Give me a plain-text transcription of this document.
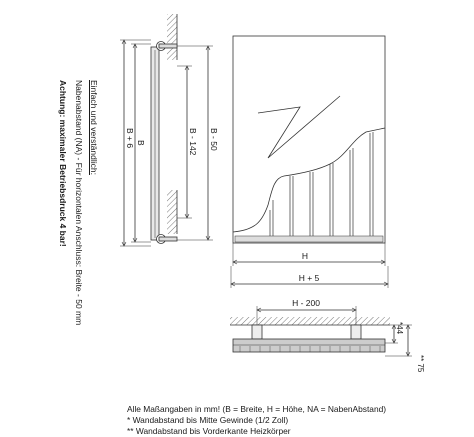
B
B + 6	B - 142 B - 50
H
H + 5
H - 200
*44
** 75
Achtung: maximaler Betriebsdruck 4 bar! Nabenabstand (NA) - Für horizontalen Anschluss: Breite - 50 mm Einfach und verständlich:
Alle Maßangaben in mm! (B = Breite, H = Höhe, NA = NabenAbstand)
* Wandabstand bis Mitte Gewinde (1/2 Zoll)
** Wandabstand bis Vorderkante Heizkörper
